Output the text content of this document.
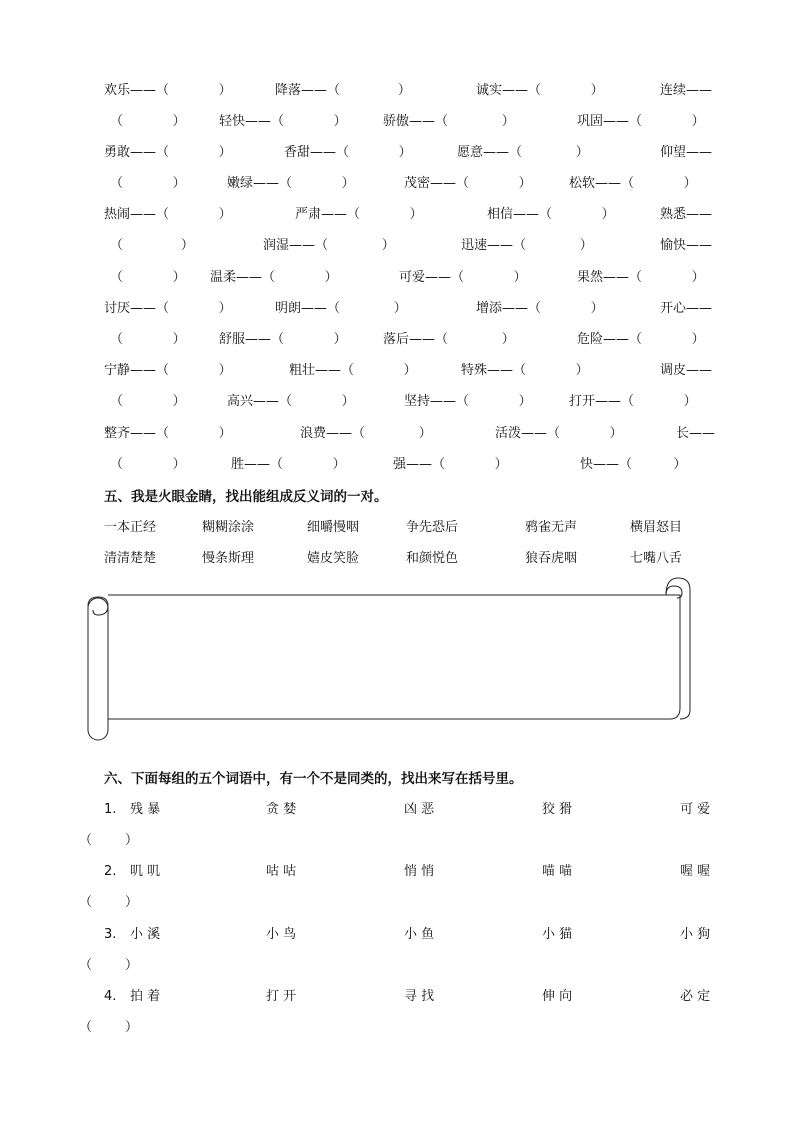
欢乐——（            ）	降落——（              ）	诚实——（            ）	连续——
（            ）	轻快——（            ）	骄傲——（             ）	巩固——（            ）
勇敢——（            ）	香甜——（            ）	愿意——（             ）	仰望——
（            ）	嫩绿——（            ）	茂密——（            ）	松软——（            ）
热闹——（            ）	严肃——（            ）	相信——（            ）	熟悉——
（              ）	润湿——（             ）	迅速——（             ）	愉快——
（            ） 温柔——（            ）	可爱——（            ）	果然——（            ）
讨厌——（            ）	明朗——（             ）	增添——（            ）	开心——
（            ）	舒服——（            ）	落后——（             ）	危险——（            ）
宁静——（            ）	粗壮——（            ）	特殊——（            ）	调皮——
（            ）	高兴——（            ）	坚持——（            ）	打开——（            ）
整齐——（            ）	浪费——（             ）	活泼——（            ）	长——
（            ）	胜——（            ）	强——（            ）	快——（          ）
五、我是火眼金睛，找出能组成反义词的一对。
一本正经	糊糊涂涂	细嚼慢咽	争先恐后	鸦雀无声	横眉怒目
清清楚楚	慢条斯理	嬉皮笑脸	和颜悦色	狼吞虎咽	七嘴八舌
六、下面每组的五个词语中，有一个不是同类的，找出来写在括号里。
1. 残 暴	贪 婪	凶 恶	狡 猾	可 爱
（        ）
2. 叽 叽	咕 咕	悄 悄	喵 喵	喔 喔
（        ）
3. 小 溪	小 鸟	小 鱼	小 猫	小 狗
（        ）
4. 拍 着	打 开	寻 找	伸 向	必 定
（        ）
